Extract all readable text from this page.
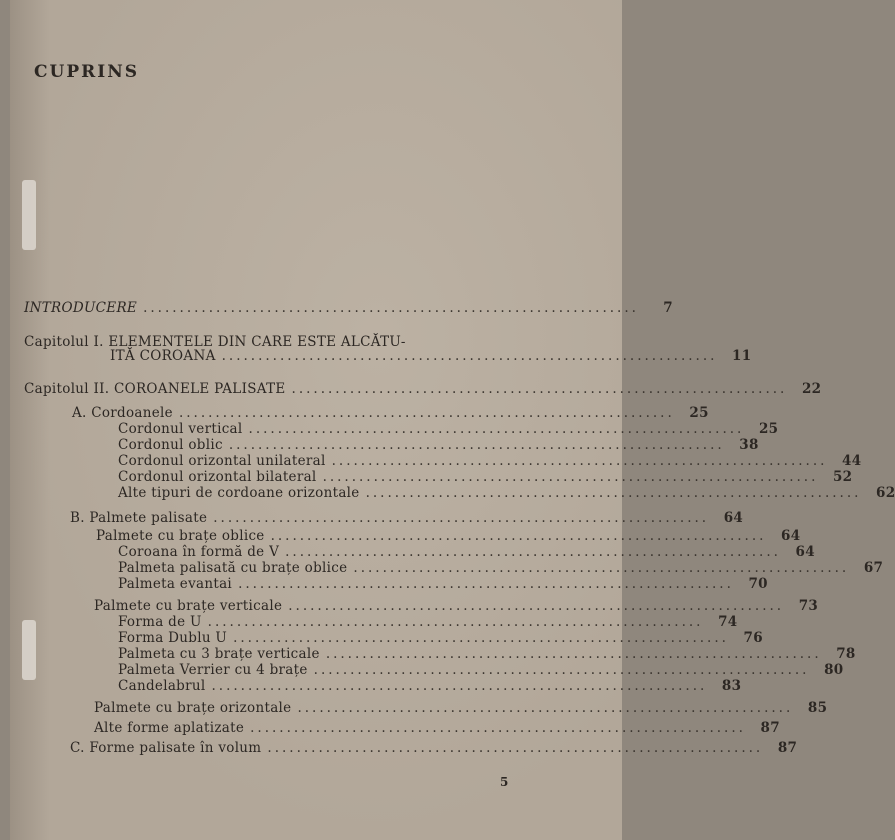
CUPRINS
INTRODUCERE ....................................................................	7
Capitolul I. ELEMENTELE DIN CARE ESTE ALCĂTU-
ITĂ COROANA ....................................................................	11
Capitolul II. COROANELE PALISATE ....................................................................	22
A. Cordoanele ....................................................................	25
Cordonul vertical ....................................................................	25
Cordonul oblic ....................................................................	38
Cordonul orizontal unilateral ....................................................................	44
Cordonul orizontal bilateral ....................................................................	52
Alte tipuri de cordoane orizontale ....................................................................	62
B. Palmete palisate ....................................................................	64
Palmete cu brațe oblice ....................................................................	64
Coroana în formă de V ....................................................................	64
Palmeta palisată cu brațe oblice ....................................................................	67
Palmeta evantai ....................................................................	70
Palmete cu brațe verticale ....................................................................	73
Forma de U ....................................................................	74
Forma Dublu U ....................................................................	76
Palmeta cu 3 brațe verticale ....................................................................	78
Palmeta Verrier cu 4 brațe ....................................................................	80
Candelabrul ....................................................................	83
Palmete cu brațe orizontale ....................................................................	85
Alte forme aplatizate ....................................................................	87
C. Forme palisate în volum ....................................................................	87
5
